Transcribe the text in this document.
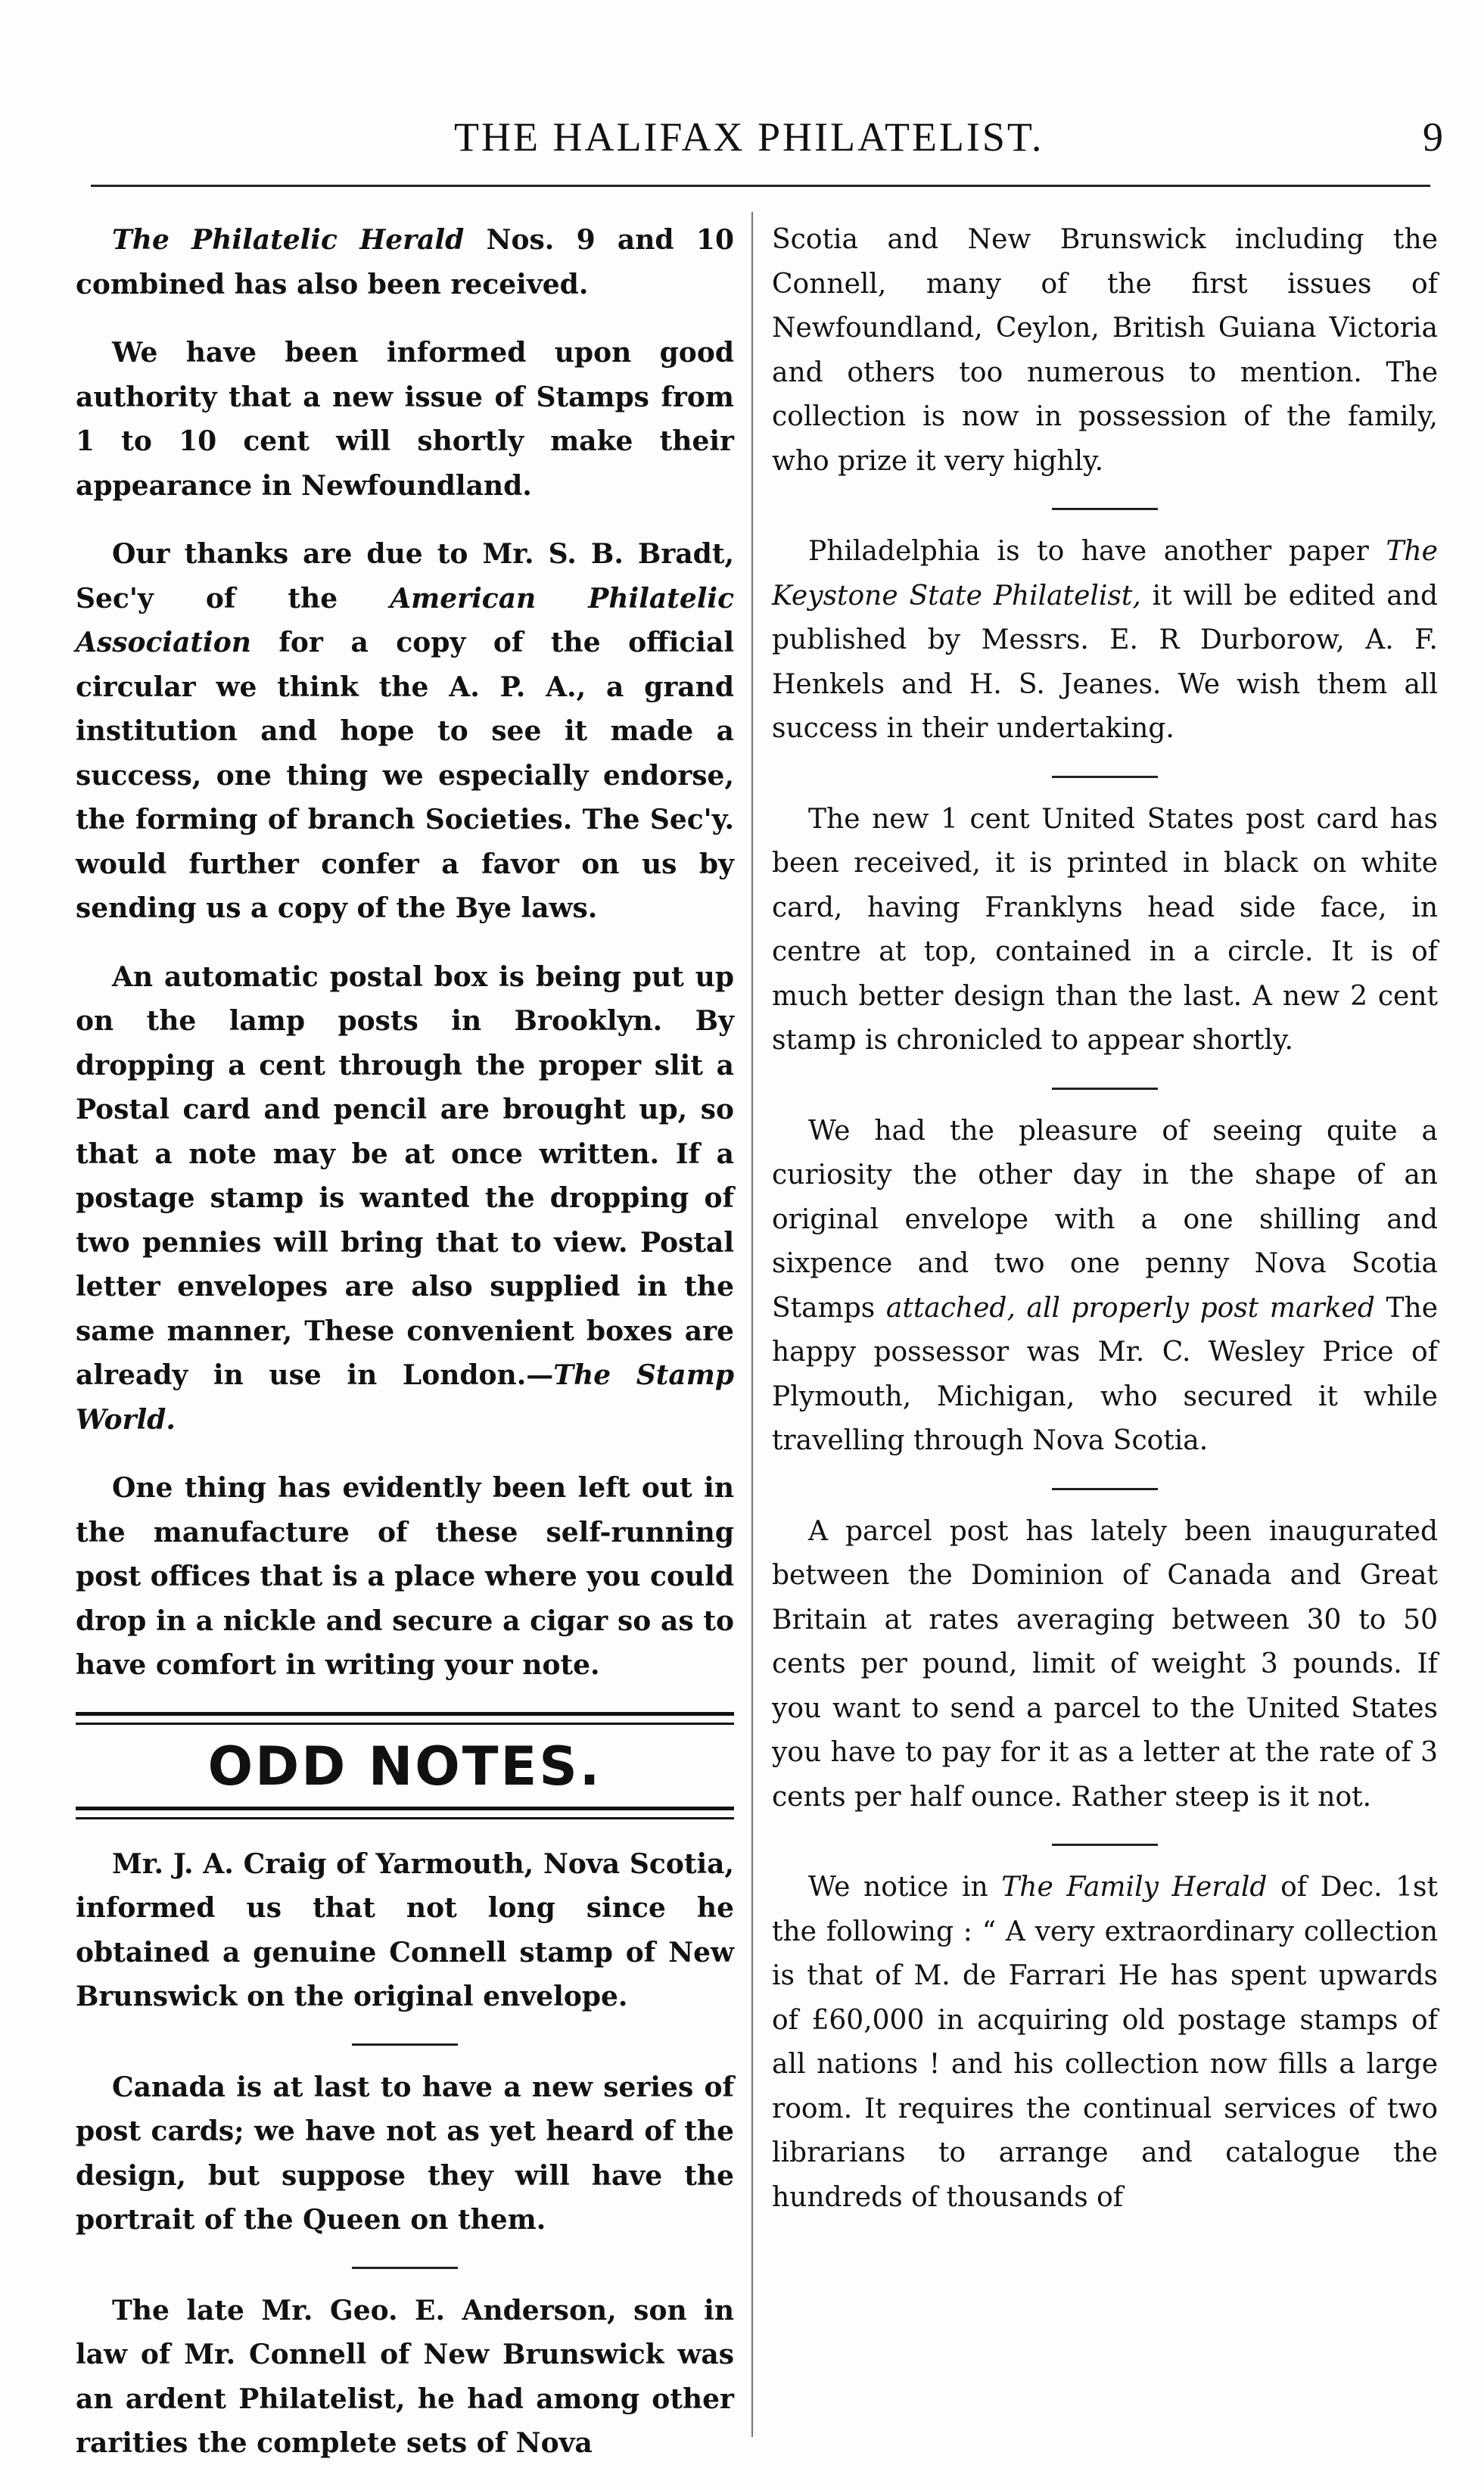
THE HALIFAX PHILATELIST.	9

The Philatelic Herald Nos. 9 and 10 combined has also been received.

We have been informed upon good authority that a new issue of Stamps from 1 to 10 cent will shortly make their appearance in Newfoundland.

Our thanks are due to Mr. S. B. Bradt, Sec'y of the American Philatelic Association for a copy of the official circular we think the A. P. A., a grand institution and hope to see it made a success, one thing we especially endorse, the forming of branch Societies. The Sec'y. would further confer a favor on us by sending us a copy of the Bye laws.

An automatic postal box is being put up on the lamp posts in Brooklyn. By dropping a cent through the proper slit a Postal card and pencil are brought up, so that a note may be at once written. If a postage stamp is wanted the dropping of two pennies will bring that to view. Postal letter envelopes are also supplied in the same manner, These convenient boxes are already in use in London.—The Stamp World.

One thing has evidently been left out in the manufacture of these self-running post offices that is a place where you could drop in a nickle and secure a cigar so as to have comfort in writing your note.

ODD NOTES.

Mr. J. A. Craig of Yarmouth, Nova Scotia, informed us that not long since he obtained a genuine Connell stamp of New Brunswick on the original envelope.

Canada is at last to have a new series of post cards; we have not as yet heard of the design, but suppose they will have the portrait of the Queen on them.

The late Mr. Geo. E. Anderson, son in law of Mr. Connell of New Brunswick was an ardent Philatelist, he had among other rarities the complete sets of Nova

Scotia and New Brunswick including the Connell, many of the first issues of Newfoundland, Ceylon, British Guiana Victoria and others too numerous to mention. The collection is now in possession of the family, who prize it very highly.

Philadelphia is to have another paper The Keystone State Philatelist, it will be edited and published by Messrs. E. R Durborow, A. F. Henkels and H. S. Jeanes. We wish them all success in their undertaking.

The new 1 cent United States post card has been received, it is printed in black on white card, having Franklyns head side face, in centre at top, contained in a circle. It is of much better design than the last. A new 2 cent stamp is chronicled to appear shortly.

We had the pleasure of seeing quite a curiosity the other day in the shape of an original envelope with a one shilling and sixpence and two one penny Nova Scotia Stamps attached, all properly post marked The happy possessor was Mr. C. Wesley Price of Plymouth, Michigan, who secured it while travelling through Nova Scotia.

A parcel post has lately been inaugurated between the Dominion of Canada and Great Britain at rates averaging between 30 to 50 cents per pound, limit of weight 3 pounds. If you want to send a parcel to the United States you have to pay for it as a letter at the rate of 3 cents per half ounce. Rather steep is it not.

We notice in The Family Herald of Dec. 1st the following : “ A very extraordinary collection is that of M. de Farrari He has spent upwards of £60,000 in acquiring old postage stamps of all nations ! and his collection now fills a large room. It requires the continual services of two librarians to arrange and catalogue the hundreds of thousands of
